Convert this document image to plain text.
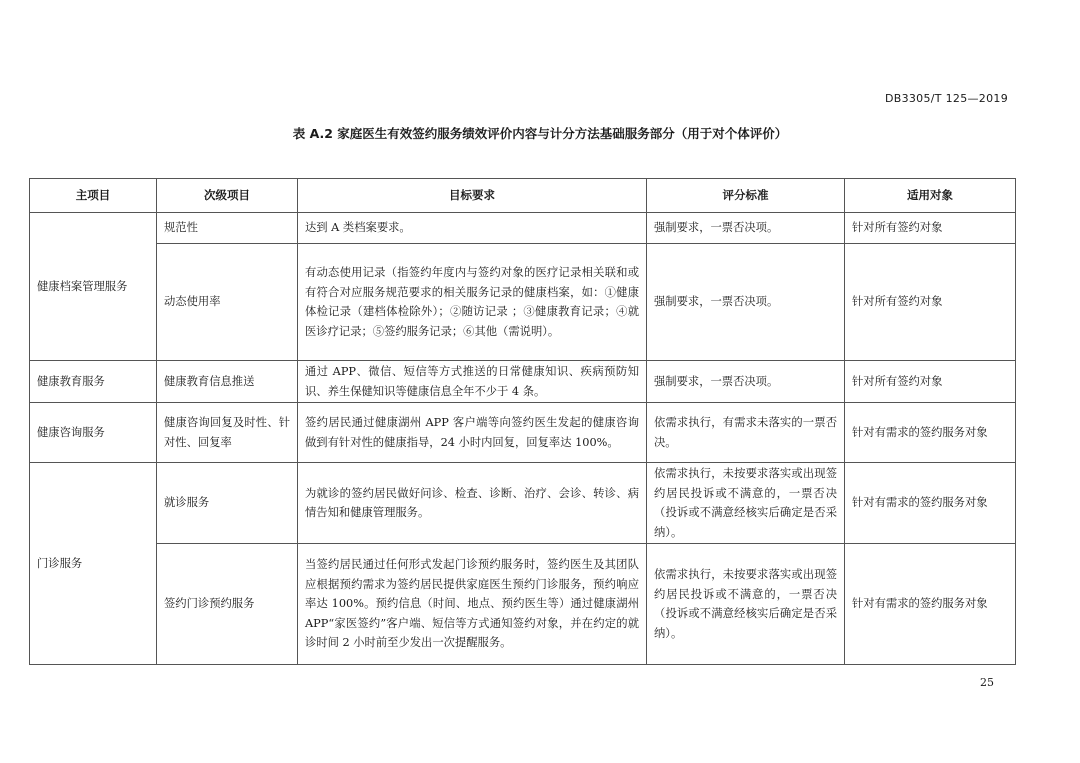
DB3305/T 125—2019
表 A.2 家庭医生有效签约服务绩效评价内容与计分方法基础服务部分（用于对个体评价）
主项目	次级项目	目标要求	评分标准	适用对象
健康档案管理服务	规范性	达到 A 类档案要求。	强制要求，一票否决项。	针对所有签约对象
	动态使用率	有动态使用记录（指签约年度内与签约对象的医疗记录相关联和或有符合对应服务规范要求的相关服务记录的健康档案，如：①健康体检记录（建档体检除外）；②随访记录 ；③健康教育记录；④就医诊疗记录；⑤签约服务记录；⑥其他（需说明）。	强制要求，一票否决项。	针对所有签约对象
健康教育服务	健康教育信息推送	通过 APP、微信、短信等方式推送的日常健康知识、疾病预防知识、养生保健知识等健康信息全年不少于 4 条。	强制要求，一票否决项。	针对所有签约对象
健康咨询服务	健康咨询回复及时性、针对性、回复率	签约居民通过健康湖州 APP 客户端等向签约医生发起的健康咨询做到有针对性的健康指导，24 小时内回复，回复率达 100%。	依需求执行，有需求未落实的一票否决。	针对有需求的签约服务对象
门诊服务	就诊服务	为就诊的签约居民做好问诊、检查、诊断、治疗、会诊、转诊、病情告知和健康管理服务。	依需求执行，未按要求落实或出现签约居民投诉或不满意的，一票否决（投诉或不满意经核实后确定是否采纳）。	针对有需求的签约服务对象
	签约门诊预约服务	当签约居民通过任何形式发起门诊预约服务时，签约医生及其团队应根据预约需求为签约居民提供家庭医生预约门诊服务，预约响应率达 100%。预约信息（时间、地点、预约医生等）通过健康湖州 APP“家医签约”客户端、短信等方式通知签约对象，并在约定的就诊时间 2 小时前至少发出一次提醒服务。	依需求执行，未按要求落实或出现签约居民投诉或不满意的，一票否决（投诉或不满意经核实后确定是否采纳）。	针对有需求的签约服务对象
25
